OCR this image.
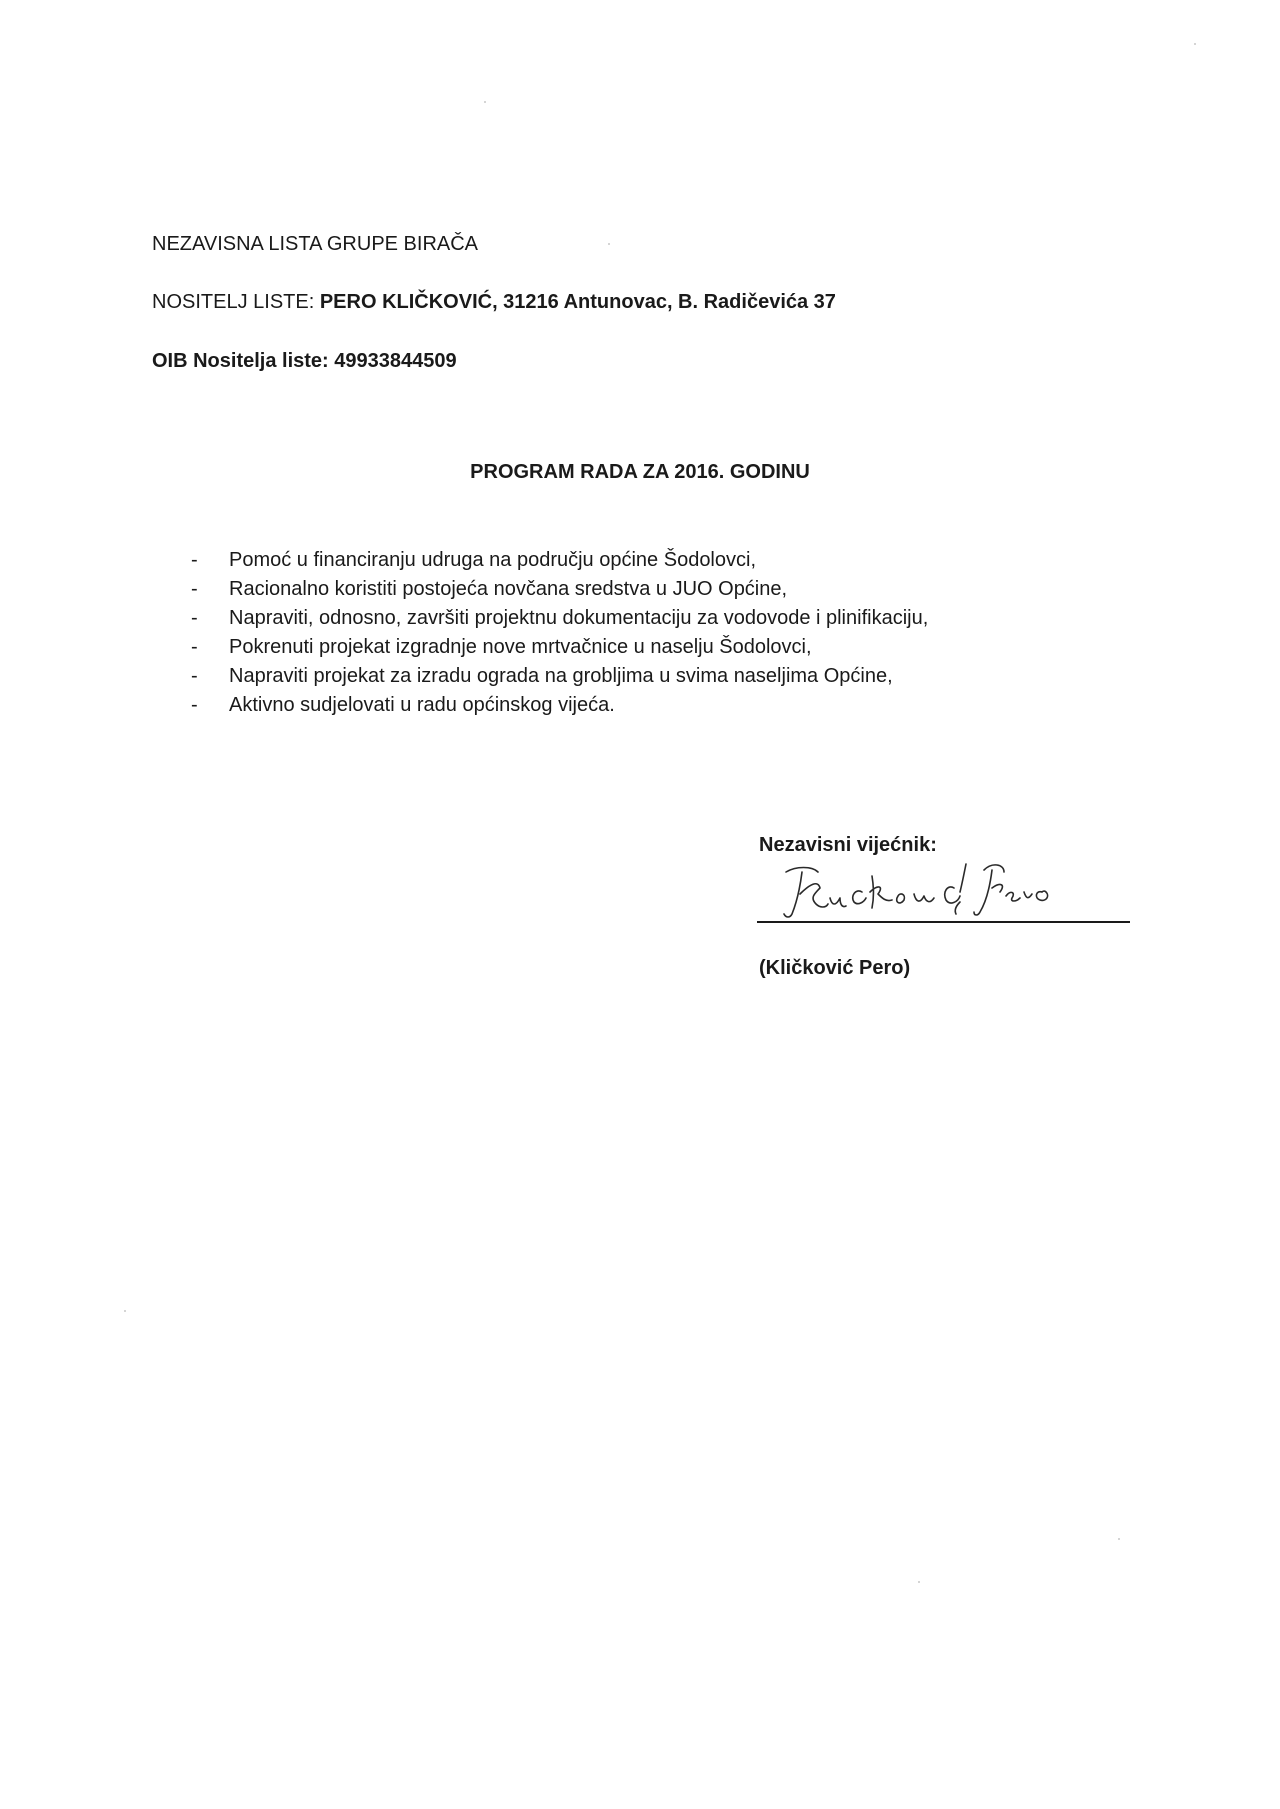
NEZAVISNA LISTA GRUPE BIRAČA
NOSITELJ LISTE: PERO KLIČKOVIĆ, 31216 Antunovac, B. Radičevića 37
OIB Nositelja liste: 49933844509
PROGRAM RADA ZA 2016. GODINU
- Pomoć u financiranju udruga na području općine Šodolovci,
- Racionalno koristiti postojeća novčana sredstva u JUO Općine,
- Napraviti, odnosno, završiti projektnu dokumentaciju za vodovode i plinifikaciju,
- Pokrenuti projekat izgradnje nove mrtvačnice u naselju Šodolovci,
- Napraviti projekat za izradu ograda na grobljima u svima naseljima Općine,
- Aktivno sudjelovati u radu općinskog vijeća.
Nezavisni vijećnik:
(Kličković Pero)
